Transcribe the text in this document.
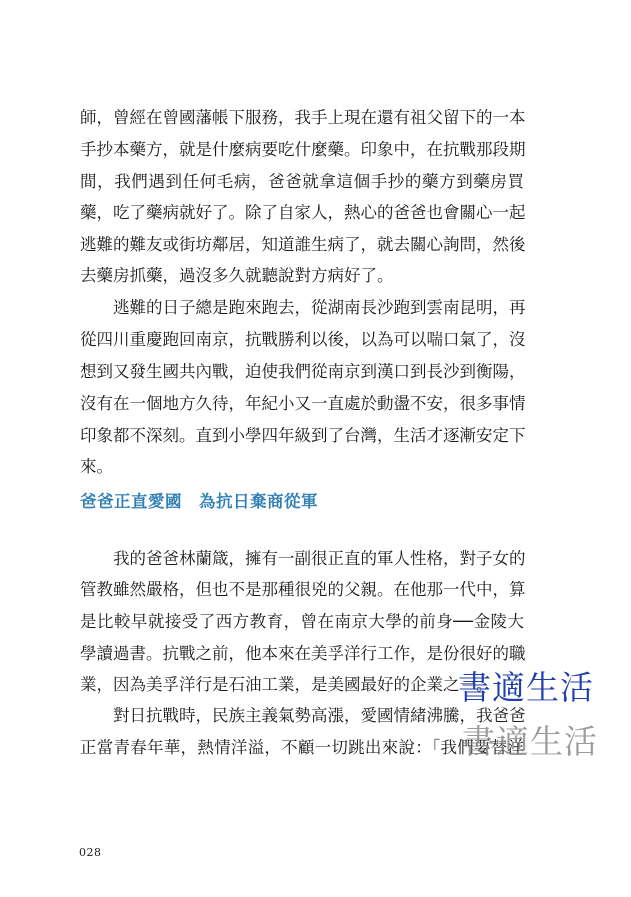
師，曾經在曾國藩帳下服務，我手上現在還有祖父留下的一本
手抄本藥方，就是什麼病要吃什麼藥。印象中，在抗戰那段期
間，我們遇到任何毛病，爸爸就拿這個手抄的藥方到藥房買
藥，吃了藥病就好了。除了自家人，熱心的爸爸也會關心一起
逃難的難友或街坊鄰居，知道誰生病了，就去關心詢問，然後
去藥房抓藥，過沒多久就聽說對方病好了。
逃難的日子總是跑來跑去，從湖南長沙跑到雲南昆明，再
從四川重慶跑回南京，抗戰勝利以後，以為可以喘口氣了，沒
想到又發生國共內戰，迫使我們從南京到漢口到長沙到衡陽，
沒有在一個地方久待，年紀小又一直處於動盪不安，很多事情
印象都不深刻。直到小學四年級到了台灣，生活才逐漸安定下
來。
爸爸正直愛國　為抗日棄商從軍
我的爸爸林蘭箴，擁有一副很正直的軍人性格，對子女的
管教雖然嚴格，但也不是那種很兇的父親。在他那一代中，算
是比較早就接受了西方教育，曾在南京大學的前身──金陵大
學讀過書。抗戰之前，他本來在美孚洋行工作，是份很好的職
業，因為美孚洋行是石油工業，是美國最好的企業之一。
對日抗戰時，民族主義氣勢高漲，愛國情緒沸騰，我爸爸
正當青春年華，熱情洋溢，不顧一切跳出來說：「我們要替洋
028
書適生活
書適生活
